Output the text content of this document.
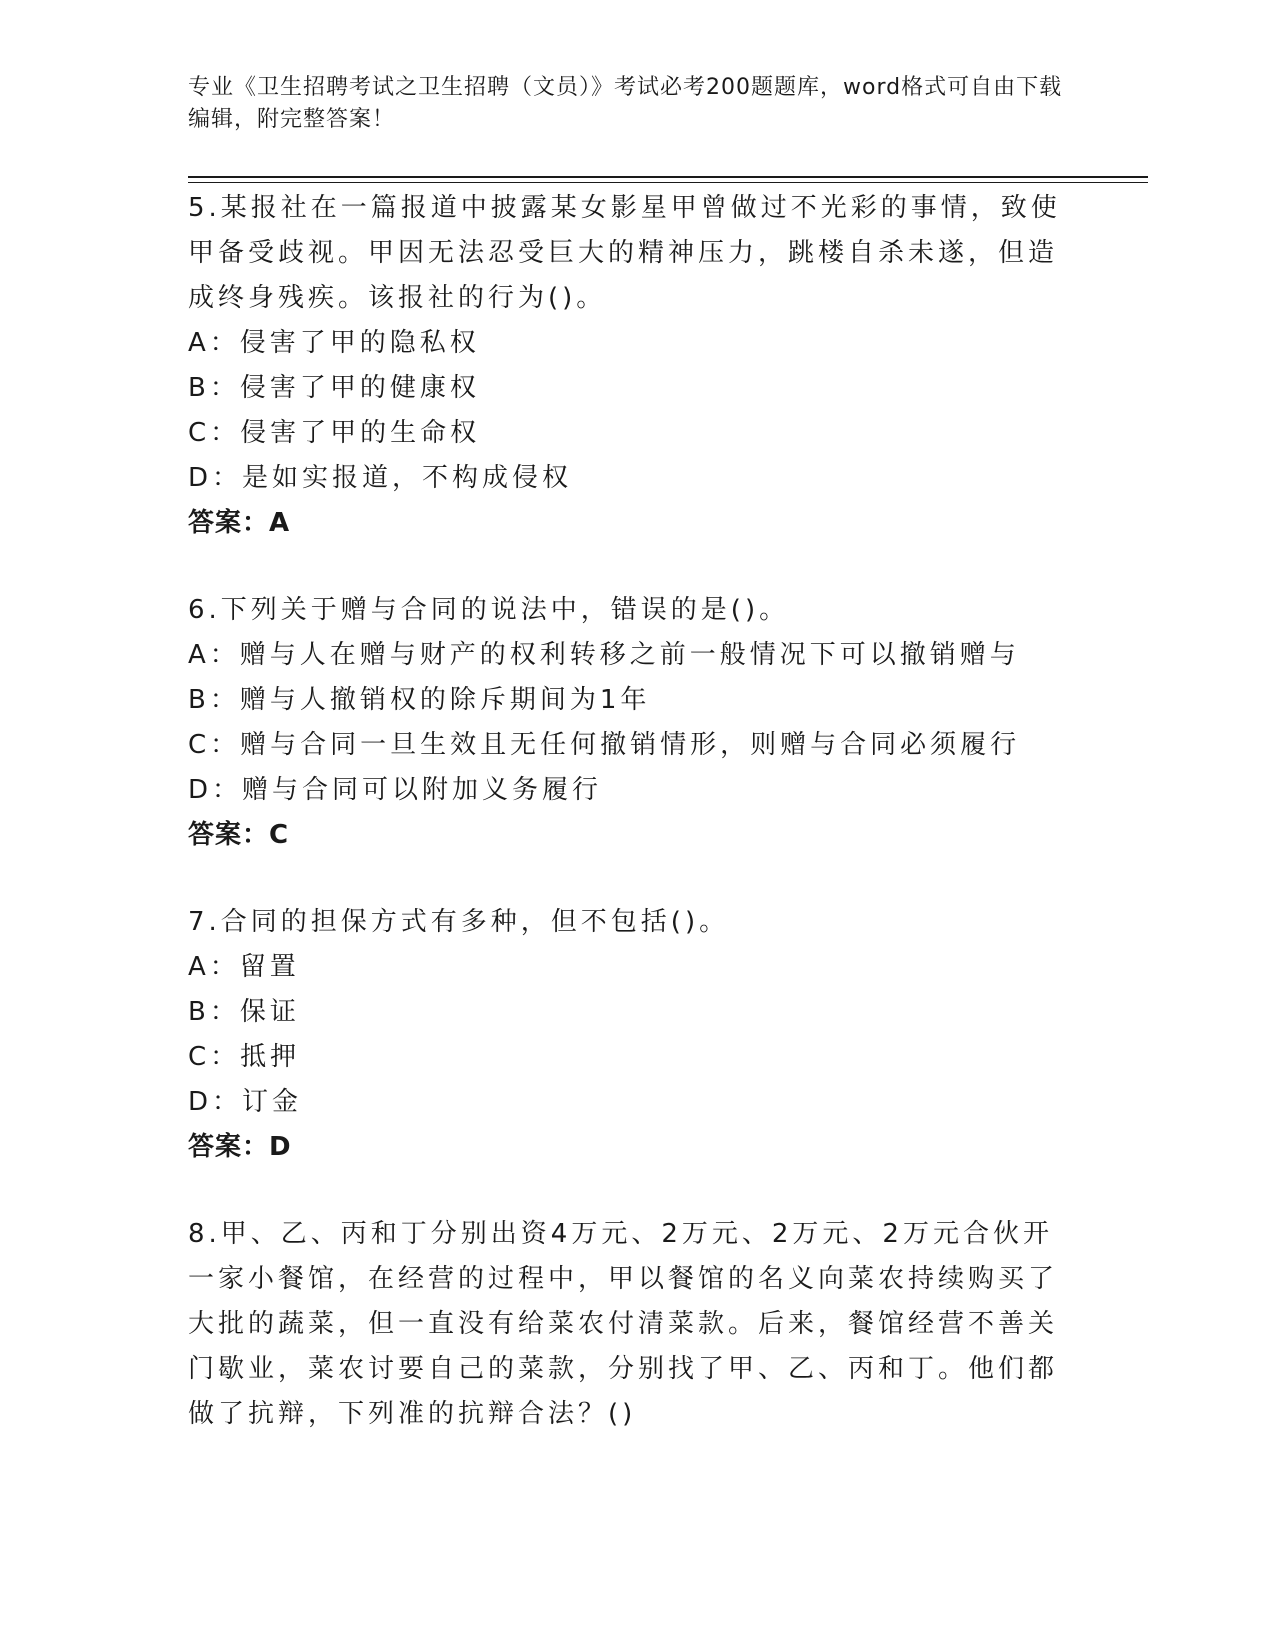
专业《卫生招聘考试之卫生招聘（文员）》考试必考200题题库，word格式可自由下载编辑，附完整答案！
5.某报社在一篇报道中披露某女影星甲曾做过不光彩的事情，致使甲备受歧视。甲因无法忍受巨大的精神压力，跳楼自杀未遂，但造成终身残疾。该报社的行为()。
A：侵害了甲的隐私权
B：侵害了甲的健康权
C：侵害了甲的生命权
D：是如实报道，不构成侵权
答案：A
6.下列关于赠与合同的说法中，错误的是()。
A：赠与人在赠与财产的权利转移之前一般情况下可以撤销赠与
B：赠与人撤销权的除斥期间为1年
C：赠与合同一旦生效且无任何撤销情形，则赠与合同必须履行
D：赠与合同可以附加义务履行
答案：C
7.合同的担保方式有多种，但不包括()。
A：留置
B：保证
C：抵押
D：订金
答案：D
8.甲、乙、丙和丁分别出资4万元、2万元、2万元、2万元合伙开一家小餐馆，在经营的过程中，甲以餐馆的名义向菜农持续购买了大批的蔬菜，但一直没有给菜农付清菜款。后来，餐馆经营不善关门歇业，菜农讨要自己的菜款，分别找了甲、乙、丙和丁。他们都做了抗辩，下列准的抗辩合法？()
